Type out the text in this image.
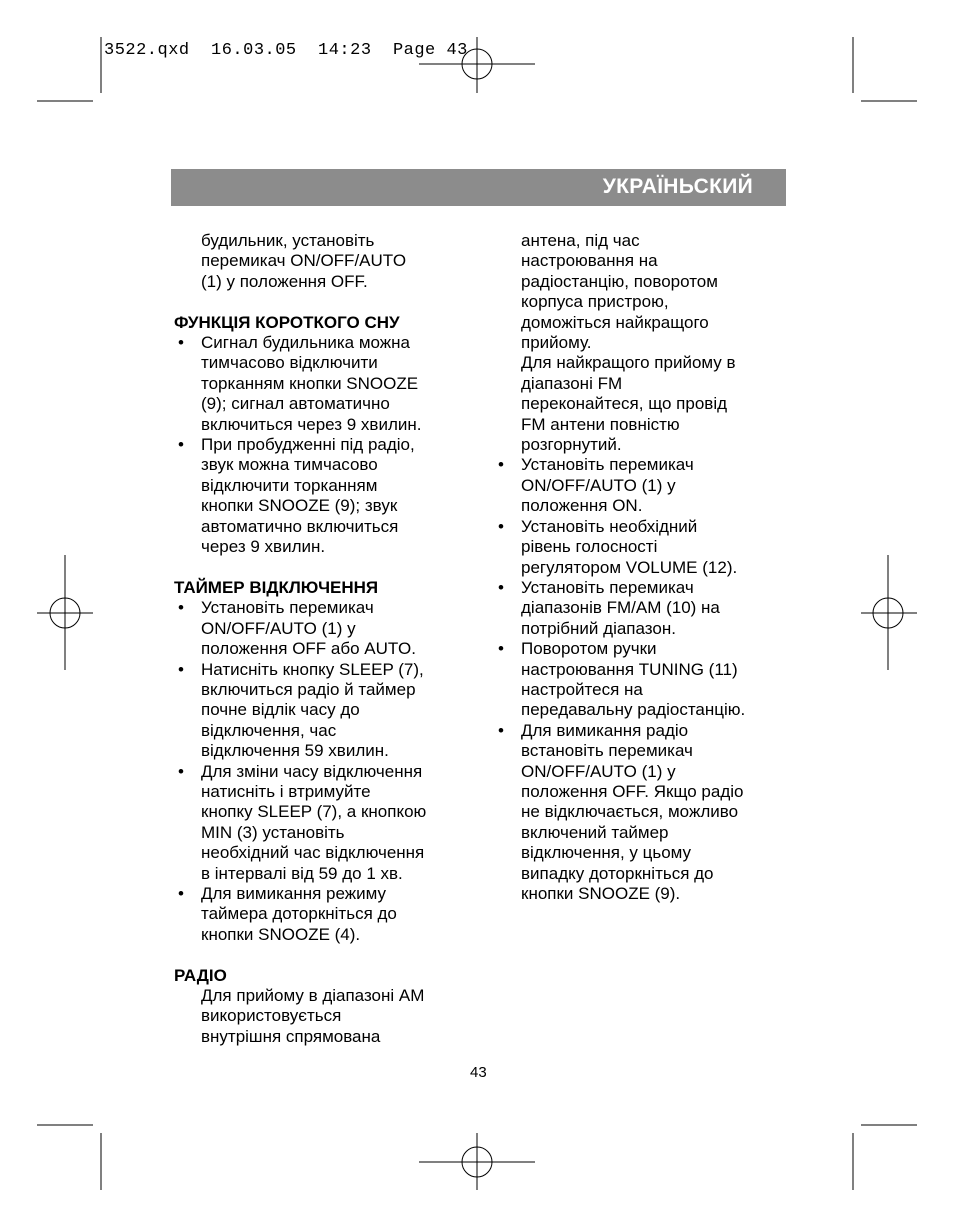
3522.qxd  16.03.05  14:23  Page 43
УКРАЇНЬСКИЙ
будильник, установіть
перемикач ON/OFF/AUTO
(1) у положення OFF.
ФУНКЦІЯ КОРОТКОГО СНУ
• Сигнал будильника можна
тимчасово відключити
торканням кнопки SNOOZE
(9); сигнал автоматично
включиться через 9 хвилин.
• При пробудженні під радіо,
звук можна тимчасово
відключити торканням
кнопки SNOOZE (9); звук
автоматично включиться
через 9 хвилин.
ТАЙМЕР ВІДКЛЮЧЕННЯ
• Установіть перемикач
ON/OFF/AUTO (1) у
положення OFF або AUTO.
• Натисніть кнопку SLEEP (7),
включиться радіо й таймер
почне відлік часу до
відключення, час
відключення 59 хвилин.
• Для зміни часу відключення
натисніть і втримуйте
кнопку SLEEP (7), а кнопкою
MIN (3) установіть
необхідний час відключення
в інтервалі від 59 до 1 хв.
• Для вимикання режиму
таймера доторкніться до
кнопки SNOOZE (4).
РАДІО
Для прийому в діапазоні AM
використовується
внутрішня спрямована
антена, під час
настроювання на
радіостанцію, поворотом
корпуса пристрою,
доможіться найкращого
прийому.
Для найкращого прийому в
діапазоні FM
переконайтеся, що провід
FM антени повністю
розгорнутий.
• Установіть перемикач
ON/OFF/AUTO (1) у
положення ON.
• Установіть необхідний
рівень голосності
регулятором VOLUME (12).
• Установіть перемикач
діапазонів FM/AM (10) на
потрібний діапазон.
• Поворотом ручки
настроювання TUNING (11)
настройтеся на
передавальну радіостанцію.
• Для вимикання радіо
встановіть перемикач
ON/OFF/AUTO (1) у
положення OFF. Якщо радіо
не відключається, можливо
включений таймер
відключення, у цьому
випадку доторкніться до
кнопки SNOOZE (9).
43
